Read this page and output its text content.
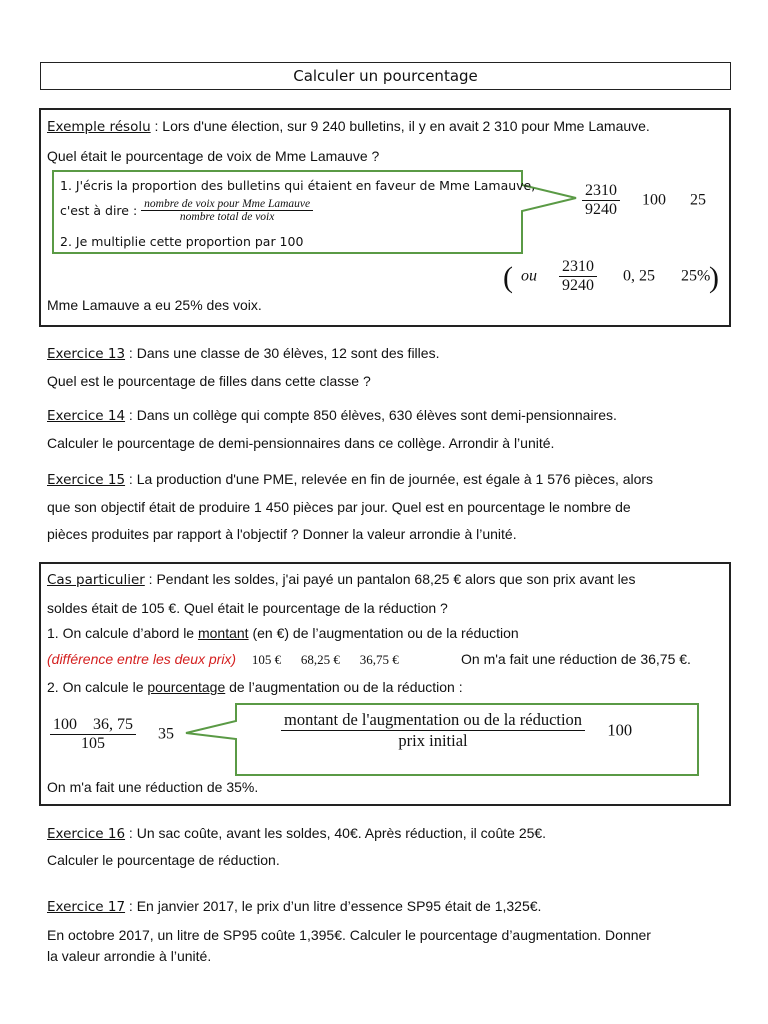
Calculer un pourcentage
Exemple résolu : Lors d'une élection, sur 9 240 bulletins, il y en avait 2 310 pour Mme Lamauve.
Quel était le pourcentage de voix de Mme Lamauve ?
1. J'écris la proportion des bulletins qui étaient en faveur de Mme Lamauve,
c'est à dire : $\frac{\text{nombre de voix pour Mme Lamauve}}{\text{nombre total de voix}}$
2. Je multiplie cette proportion par 100
$\frac{2310}{9240} 100$ 25
( ou $\frac{2310}{9240} 0$, 25 25%
)
Mme Lamauve a eu 25% des voix.
Exercice 13 : Dans une classe de 30 élèves, 12 sont des filles.
Quel est le pourcentage de filles dans cette classe ?
Exercice 14 : Dans un collège qui compte 850 élèves, 630 élèves sont demi-pensionnaires.
Calculer le pourcentage de demi-pensionnaires dans ce collège. Arrondir à l’unité.
Exercice 15 : La production d'une PME, relevée en fin de journée, est égale à 1 576 pièces, alors
que son objectif était de produire 1 450 pièces par jour. Quel est en pourcentage le nombre de
pièces produites par rapport à l'objectif ? Donner la valeur arrondie à l’unité.
Cas particulier : Pendant les soldes, j'ai payé un pantalon 68,25 € alors que son prix avant les
soldes était de 105 €. Quel était le pourcentage de la réduction ?
1. On calcule d’abord le montant (en €) de l’augmentation ou de la réduction
(différence entre les deux prix) 105 € 68,25 € 36,75 €	On m'a fait une réduction de 36,75 €.
2. On calcule le pourcentage de l’augmentation ou de la réduction :
$\frac{100 36, 75}{105} 35$	$\frac{\text{montant de l'augmentation ou de la réduction}}{\text{prix initial}} 100$
On m'a fait une réduction de 35%.
Exercice 16 : Un sac coûte, avant les soldes, 40€. Après réduction, il coûte 25€.
Calculer le pourcentage de réduction.
Exercice 17 : En janvier 2017, le prix d’un litre d’essence SP95 était de 1,325€.
En octobre 2017, un litre de SP95 coûte 1,395€. Calculer le pourcentage d’augmentation. Donner
la valeur arrondie à l’unité.
